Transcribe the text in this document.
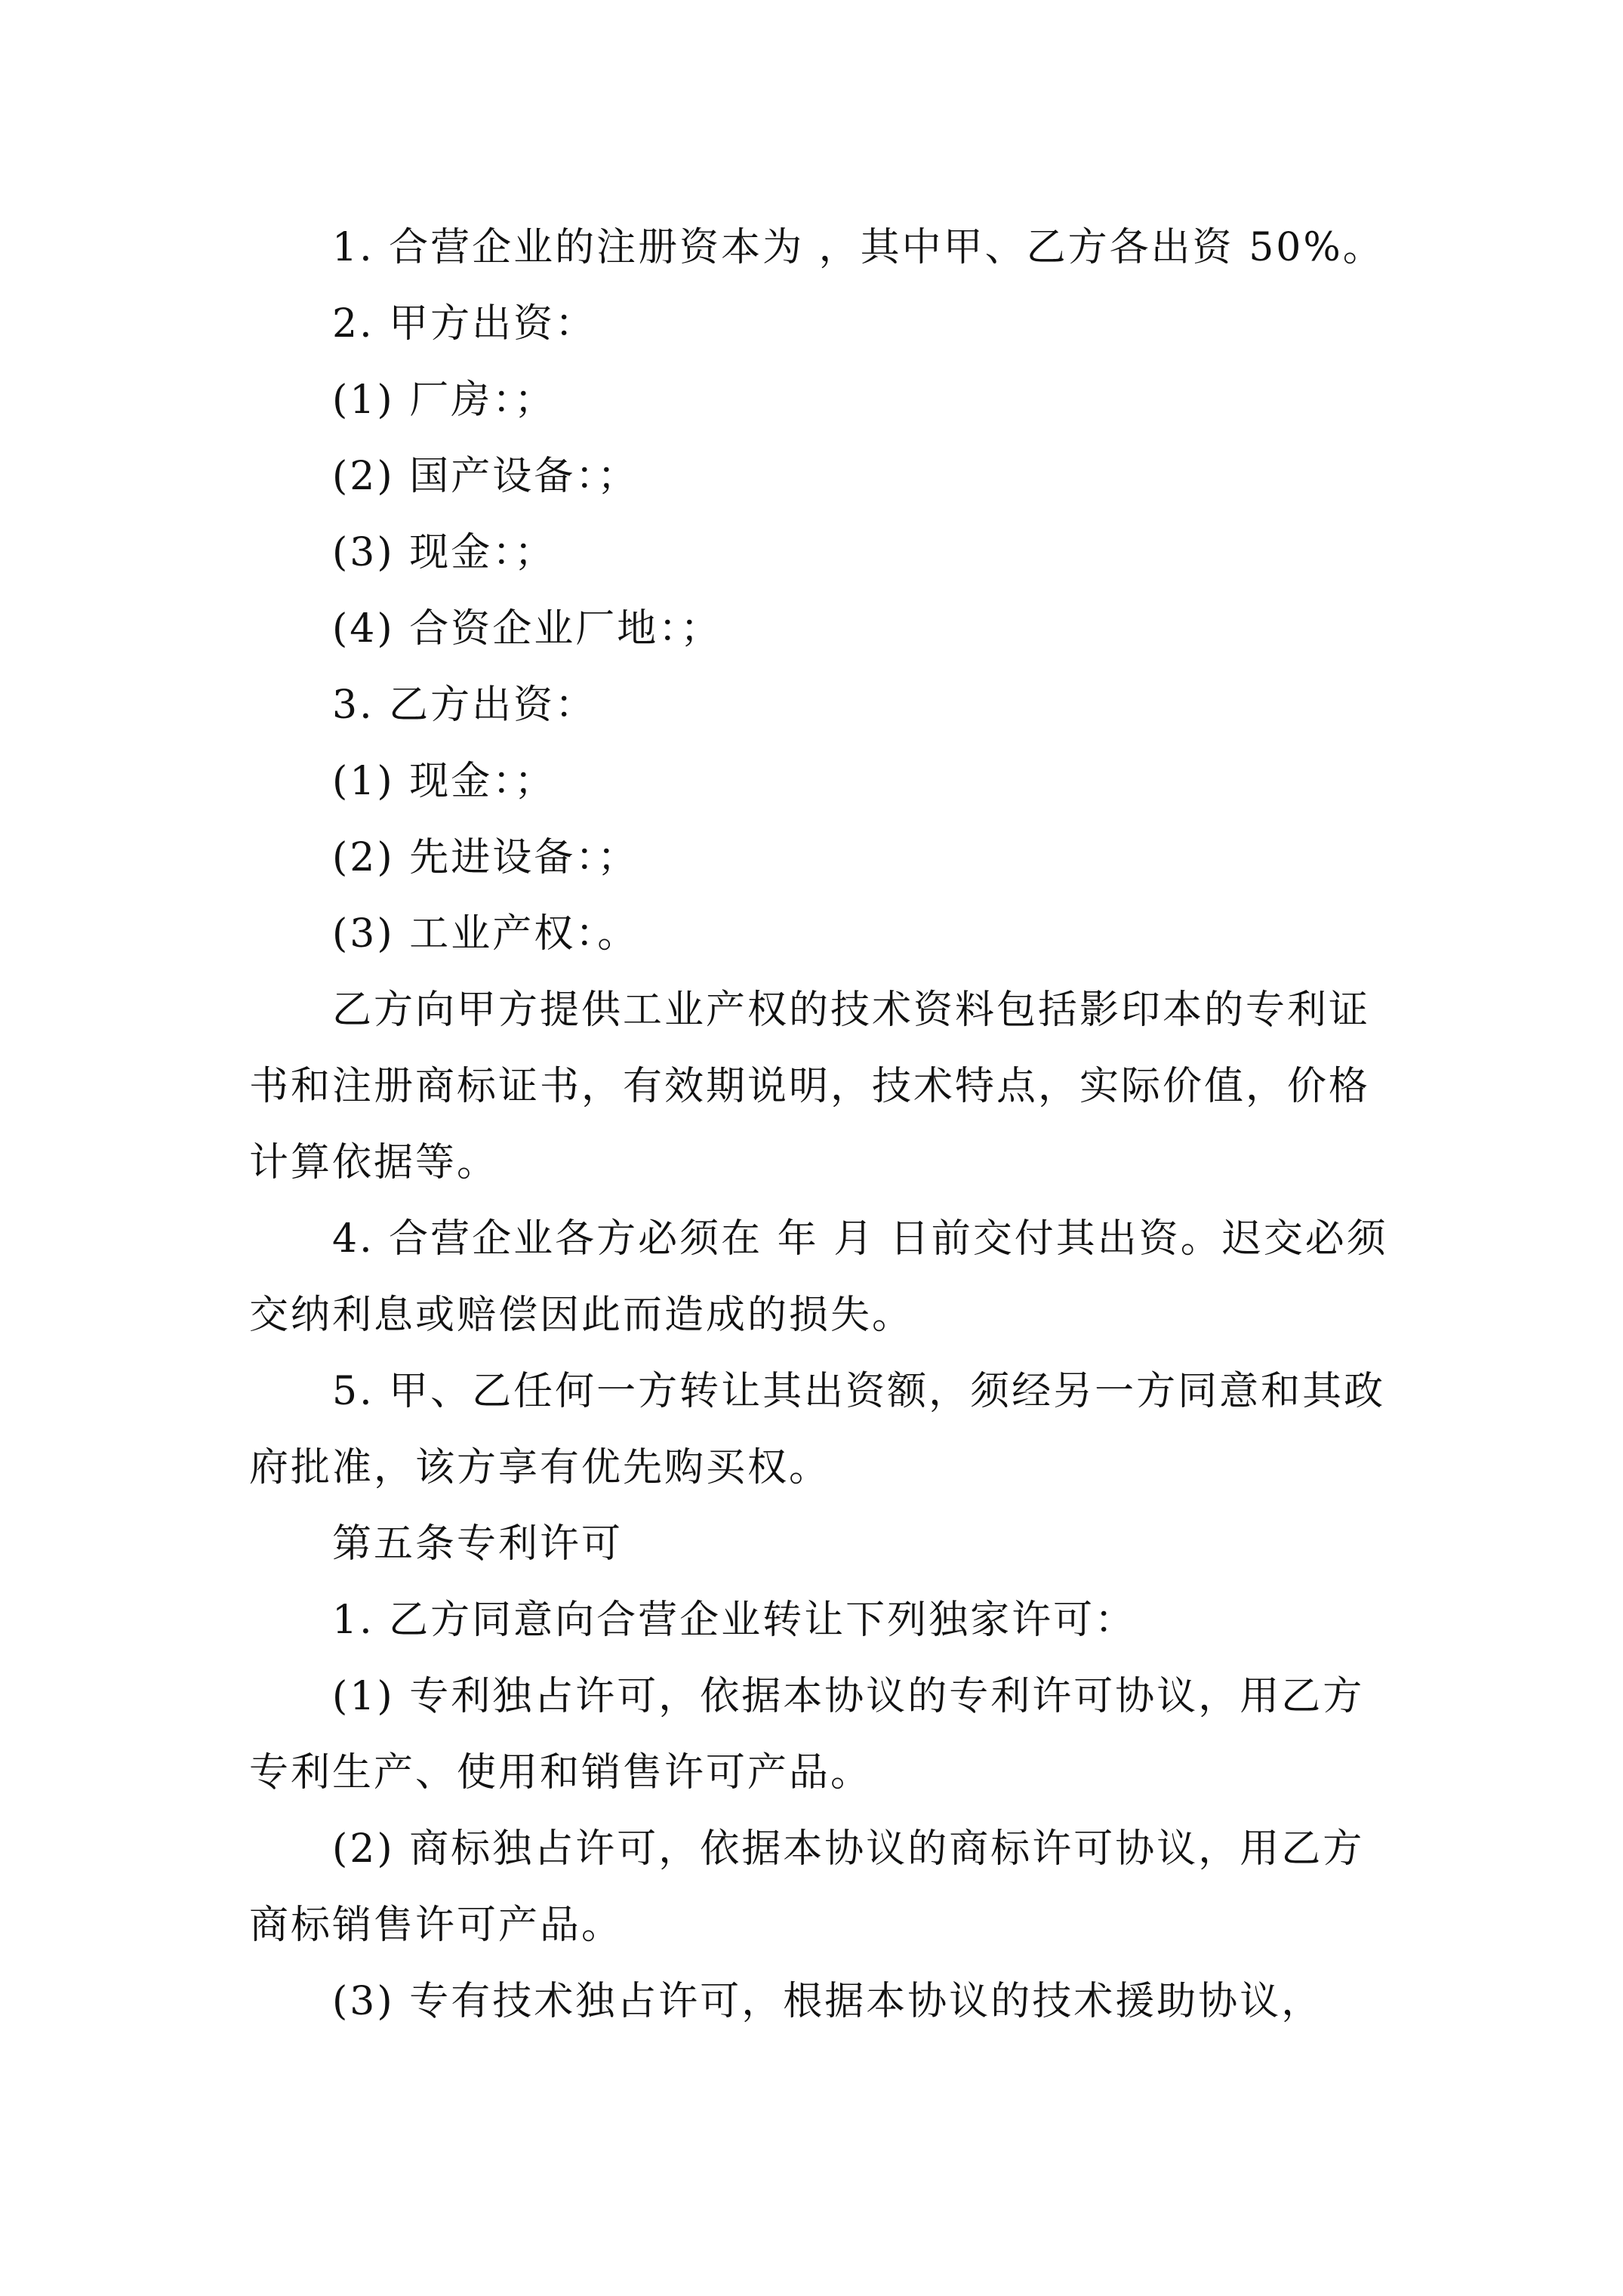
1. 合营企业的注册资本为 ，其中甲、乙方各出资 50%。

2. 甲方出资：

(1) 厂房：；

(2) 国产设备：；

(3) 现金：；

(4) 合资企业厂地：；

3. 乙方出资：

(1) 现金：；

(2) 先进设备：；

(3) 工业产权：。

乙方向甲方提供工业产权的技术资料包括影印本的专利证书和注册商标证书，有效期说明，技术特点，实际价值，价格计算依据等。

4. 合营企业各方必须在 年 月 日前交付其出资。迟交必须交纳利息或赔偿因此而造成的损失。

5. 甲、乙任何一方转让其出资额，须经另一方同意和其政府批准，该方享有优先购买权。

第五条专利许可

1. 乙方同意向合营企业转让下列独家许可：

(1) 专利独占许可，依据本协议的专利许可协议，用乙方专利生产、使用和销售许可产品。

(2) 商标独占许可，依据本协议的商标许可协议，用乙方商标销售许可产品。

(3) 专有技术独占许可，根据本协议的技术援助协议，
